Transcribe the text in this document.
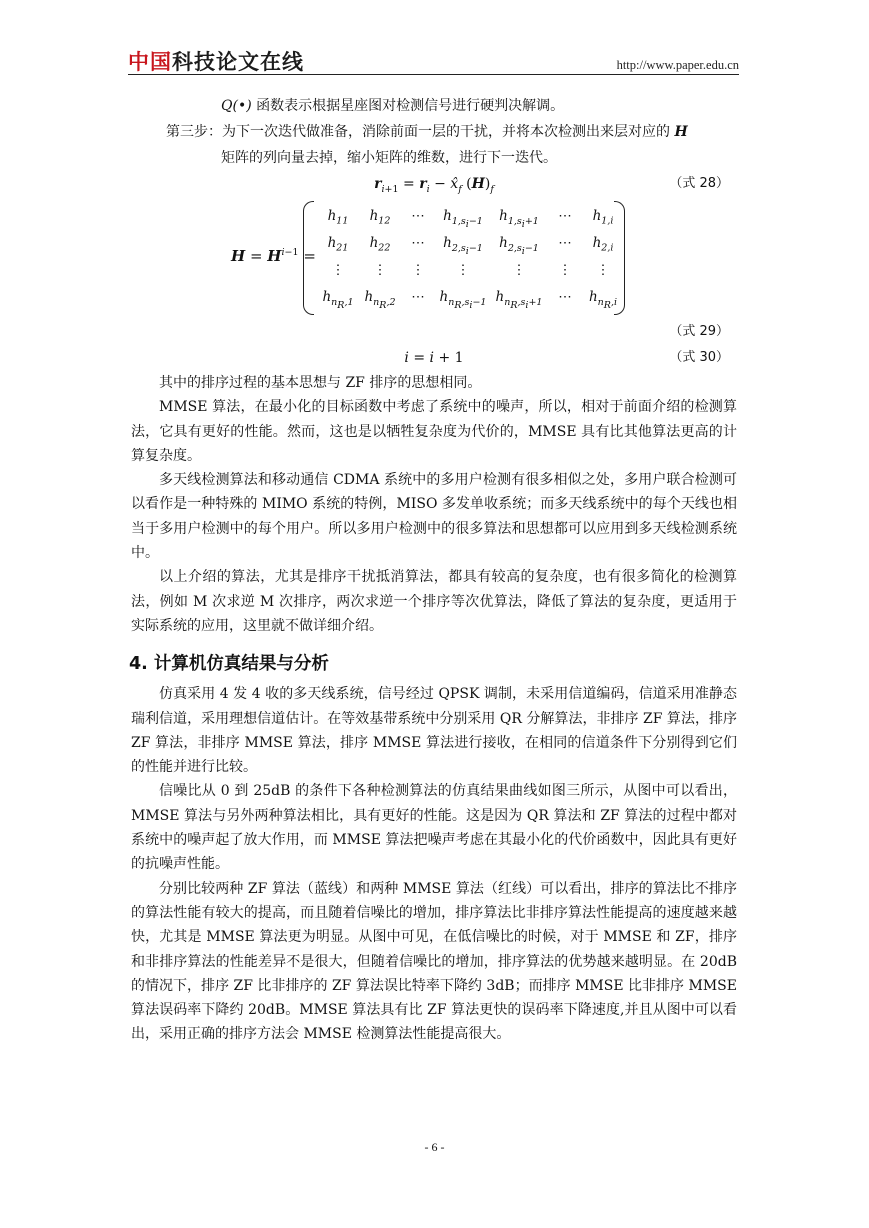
中国科技论文在线	http://www.paper.edu.cn
Q(•) 函数表示根据星座图对检测信号进行硬判决解调。
第三步：为下一次迭代做准备，消除前面一层的干扰，并将本次检测出来层对应的 H
矩阵的列向量去掉，缩小矩阵的维数，进行下一迭代。
$r_{i+1} = r_i$ − $x̂_f$ $(H)_f$	（式 28）
$H = H^{i-1}$ =
$h_{11}$	$h_{12}$	⋯	$h_{1,s_i-1}$	$h_{1,s_i+1}$	⋯	$h_{1,i}$
$h_{21}$	$h_{22}$	⋯	$h_{2,s_i-1}$	$h_{2,s_i-1}$	⋯	$h_{2,i}$
⋮	⋮	⋮	⋮	⋮	⋮	⋮
$h_{n_R,1}$ $h_{n_R,2}$	⋯	$h_{n_R,s_i-1}$ $h_{n_R,s_i+1}$	⋯	$h_{n_R,i}$
（式 29）
i = i + 1	（式 30）

其中的排序过程的基本思想与 ZF 排序的思想相同。

MMSE 算法，在最小化的目标函数中考虑了系统中的噪声，所以，相对于前面介绍的检测算法，它具有更好的性能。然而，这也是以牺牲复杂度为代价的，MMSE 具有比其他算法更高的计算复杂度。

多天线检测算法和移动通信 CDMA 系统中的多用户检测有很多相似之处，多用户联合检测可以看作是一种特殊的 MIMO 系统的特例，MISO 多发单收系统；而多天线系统中的每个天线也相当于多用户检测中的每个用户。所以多用户检测中的很多算法和思想都可以应用到多天线检测系统中。

以上介绍的算法，尤其是排序干扰抵消算法，都具有较高的复杂度，也有很多简化的检测算法，例如 M 次求逆 M 次排序，两次求逆一个排序等次优算法，降低了算法的复杂度，更适用于实际系统的应用，这里就不做详细介绍。

4. 计算机仿真结果与分析

仿真采用 4 发 4 收的多天线系统，信号经过 QPSK 调制，未采用信道编码，信道采用准静态瑞利信道，采用理想信道估计。在等效基带系统中分别采用 QR 分解算法，非排序 ZF 算法，排序 ZF 算法，非排序 MMSE 算法，排序 MMSE 算法进行接收，在相同的信道条件下分别得到它们的性能并进行比较。

信噪比从 0 到 25dB 的条件下各种检测算法的仿真结果曲线如图三所示，从图中可以看出，MMSE 算法与另外两种算法相比，具有更好的性能。这是因为 QR 算法和 ZF 算法的过程中都对系统中的噪声起了放大作用，而 MMSE 算法把噪声考虑在其最小化的代价函数中，因此具有更好的抗噪声性能。

分别比较两种 ZF 算法（蓝线）和两种 MMSE 算法（红线）可以看出，排序的算法比不排序的算法性能有较大的提高，而且随着信噪比的增加，排序算法比非排序算法性能提高的速度越来越快，尤其是 MMSE 算法更为明显。从图中可见，在低信噪比的时候，对于 MMSE 和 ZF，排序和非排序算法的性能差异不是很大，但随着信噪比的增加，排序算法的优势越来越明显。在 20dB 的情况下，排序 ZF 比非排序的 ZF 算法误比特率下降约 3dB；而排序 MMSE 比非排序 MMSE 算法误码率下降约 20dB。MMSE 算法具有比 ZF 算法更快的误码率下降速度,并且从图中可以看出，采用正确的排序方法会 MMSE 检测算法性能提高很大。

- 6 -
